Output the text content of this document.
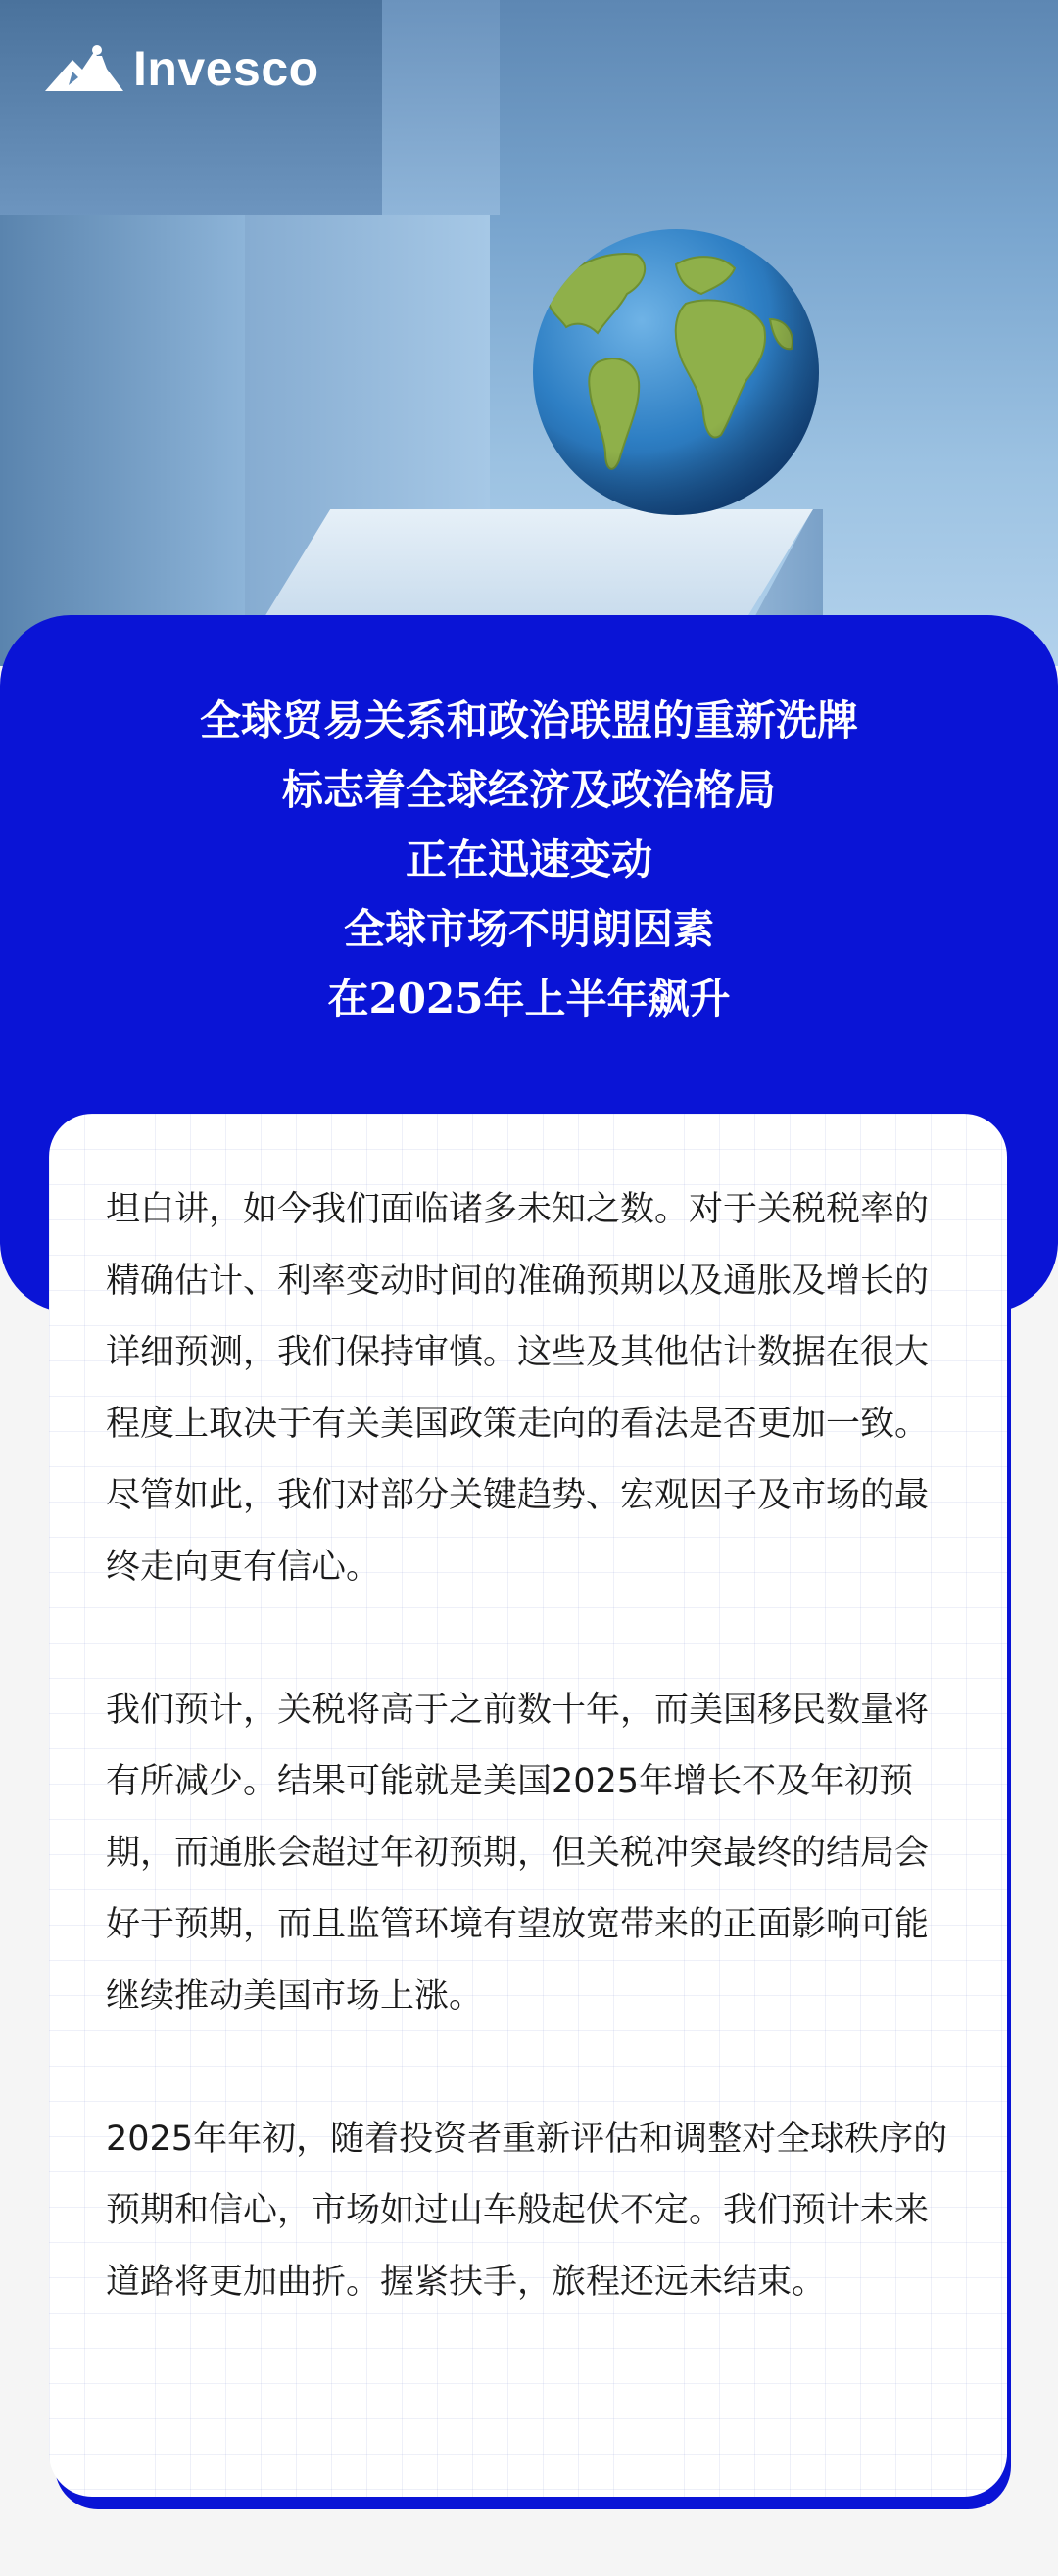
Invesco
全球贸易关系和政治联盟的重新洗牌
标志着全球经济及政治格局
正在迅速变动
全球市场不明朗因素
在2025年上半年飙升

坦白讲，如今我们面临诸多未知之数。对于关税税率的精确估计、利率变动时间的准确预期以及通胀及增长的详细预测，我们保持审慎。这些及其他估计数据在很大程度上取决于有关美国政策走向的看法是否更加一致。尽管如此，我们对部分关键趋势、宏观因子及市场的最终走向更有信心。

我们预计，关税将高于之前数十年，而美国移民数量将有所减少。结果可能就是美国2025年增长不及年初预期，而通胀会超过年初预期，但关税冲突最终的结局会好于预期，而且监管环境有望放宽带来的正面影响可能继续推动美国市场上涨。

2025年年初，随着投资者重新评估和调整对全球秩序的预期和信心，市场如过山车般起伏不定。我们预计未来道路将更加曲折。握紧扶手，旅程还远未结束。
